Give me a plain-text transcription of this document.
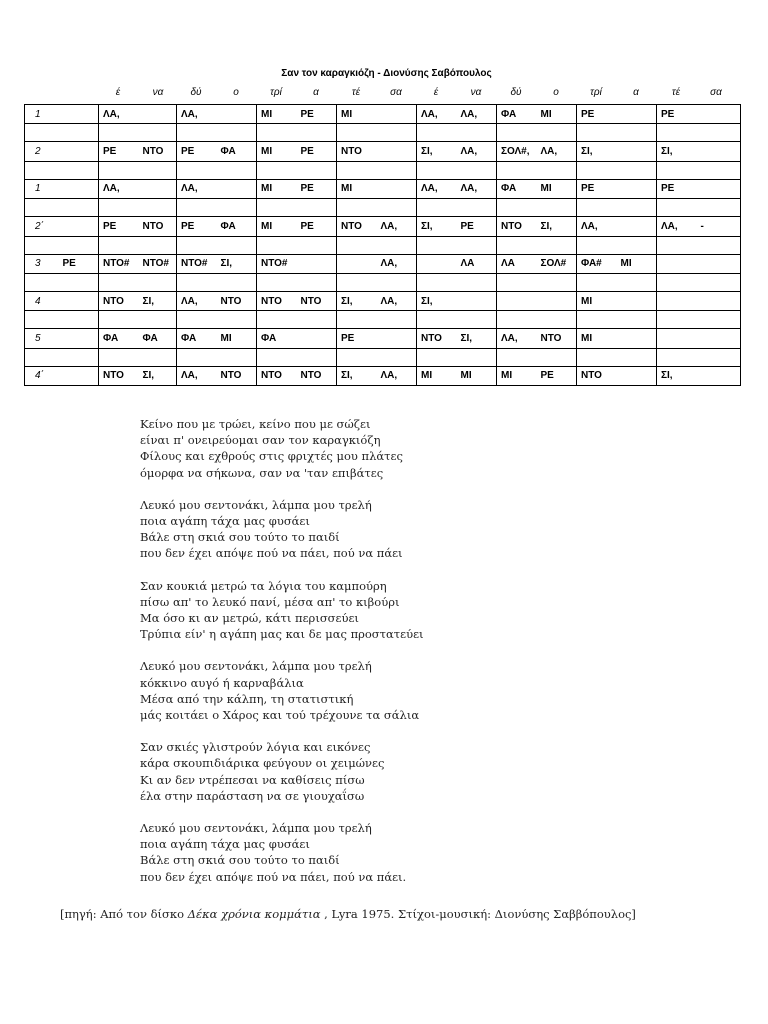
Σαν τον καραγκιόζη - Διονύσης Σαβόπουλος
έ	να	δύ	ο	τρί	α	τέ	σα	έ	να	δύ	ο	τρί	α	τέ	σα
1		ΛΑ,		ΛΑ,		ΜΙ	ΡΕ	ΜΙ		ΛΑ,	ΛΑ,	ΦΑ	ΜΙ	ΡΕ		ΡΕ	

2		ΡΕ	ΝΤΟ	ΡΕ	ΦΑ	ΜΙ	ΡΕ	ΝΤΟ		ΣΙ,	ΛΑ,	ΣΟΛ#,	ΛΑ,	ΣΙ,		ΣΙ,	

1		ΛΑ,		ΛΑ,		ΜΙ	ΡΕ	ΜΙ		ΛΑ,	ΛΑ,	ΦΑ	ΜΙ	ΡΕ		ΡΕ	

2΄		ΡΕ	ΝΤΟ	ΡΕ	ΦΑ	ΜΙ	ΡΕ	ΝΤΟ	ΛΑ,	ΣΙ,	ΡΕ	ΝΤΟ	ΣΙ,	ΛΑ,		ΛΑ,	-

3	ΡΕ	ΝΤΟ#	ΝΤΟ#	ΝΤΟ#	ΣΙ,	ΝΤΟ#			ΛΑ,		ΛΑ	ΛΑ	ΣΟΛ#	ΦΑ#	ΜΙ		

4		ΝΤΟ	ΣΙ,	ΛΑ,	ΝΤΟ	ΝΤΟ	ΝΤΟ	ΣΙ,	ΛΑ,	ΣΙ,				ΜΙ			

5		ΦΑ	ΦΑ	ΦΑ	ΜΙ	ΦΑ		ΡΕ		ΝΤΟ	ΣΙ,	ΛΑ,	ΝΤΟ	ΜΙ			

4΄		ΝΤΟ	ΣΙ,	ΛΑ,	ΝΤΟ	ΝΤΟ	ΝΤΟ	ΣΙ,	ΛΑ,	ΜΙ	ΜΙ	ΜΙ	ΡΕ	ΝΤΟ		ΣΙ,	
Κείνο που με τρώει, κείνο που με σώζει
είναι π' ονειρεύομαι σαν τον καραγκιόζη
Φίλους και εχθρούς στις φριχτές μου πλάτες
όμορφα να σήκωνα, σαν να 'ταν επιβάτες
Λευκό μου σεντονάκι, λάμπα μου τρελή
ποια αγάπη τάχα μας φυσάει
Βάλε στη σκιά σου τούτο το παιδί
που δεν έχει απόψε πού να πάει, πού να πάει
Σαν κουκιά μετρώ τα λόγια του καμπούρη
πίσω απ' το λευκό πανί, μέσα απ' το κιβούρι
Μα όσο κι αν μετρώ, κάτι περισσεύει
Τρύπια είν' η αγάπη μας και δε μας προστατεύει
Λευκό μου σεντονάκι, λάμπα μου τρελή
κόκκινο αυγό ή καρναβάλια
Μέσα από την κάλπη, τη στατιστική
μάς κοιτάει ο Χάρος και τού τρέχουνε τα σάλια
Σαν σκιές γλιστρούν λόγια και εικόνες
κάρα σκουπιδιάρικα φεύγουν οι χειμώνες
Κι αν δεν ντρέπεσαι να καθίσεις πίσω
έλα στην παράσταση να σε γιουχαΐσω
Λευκό μου σεντονάκι, λάμπα μου τρελή
ποια αγάπη τάχα μας φυσάει
Βάλε στη σκιά σου τούτο το παιδί
που δεν έχει απόψε πού να πάει, πού να πάει.
[πηγή: Από τον δίσκο Δέκα χρόνια κομμάτια , Lyra 1975. Στίχοι-μουσική: Διονύσης Σαββόπουλος]
